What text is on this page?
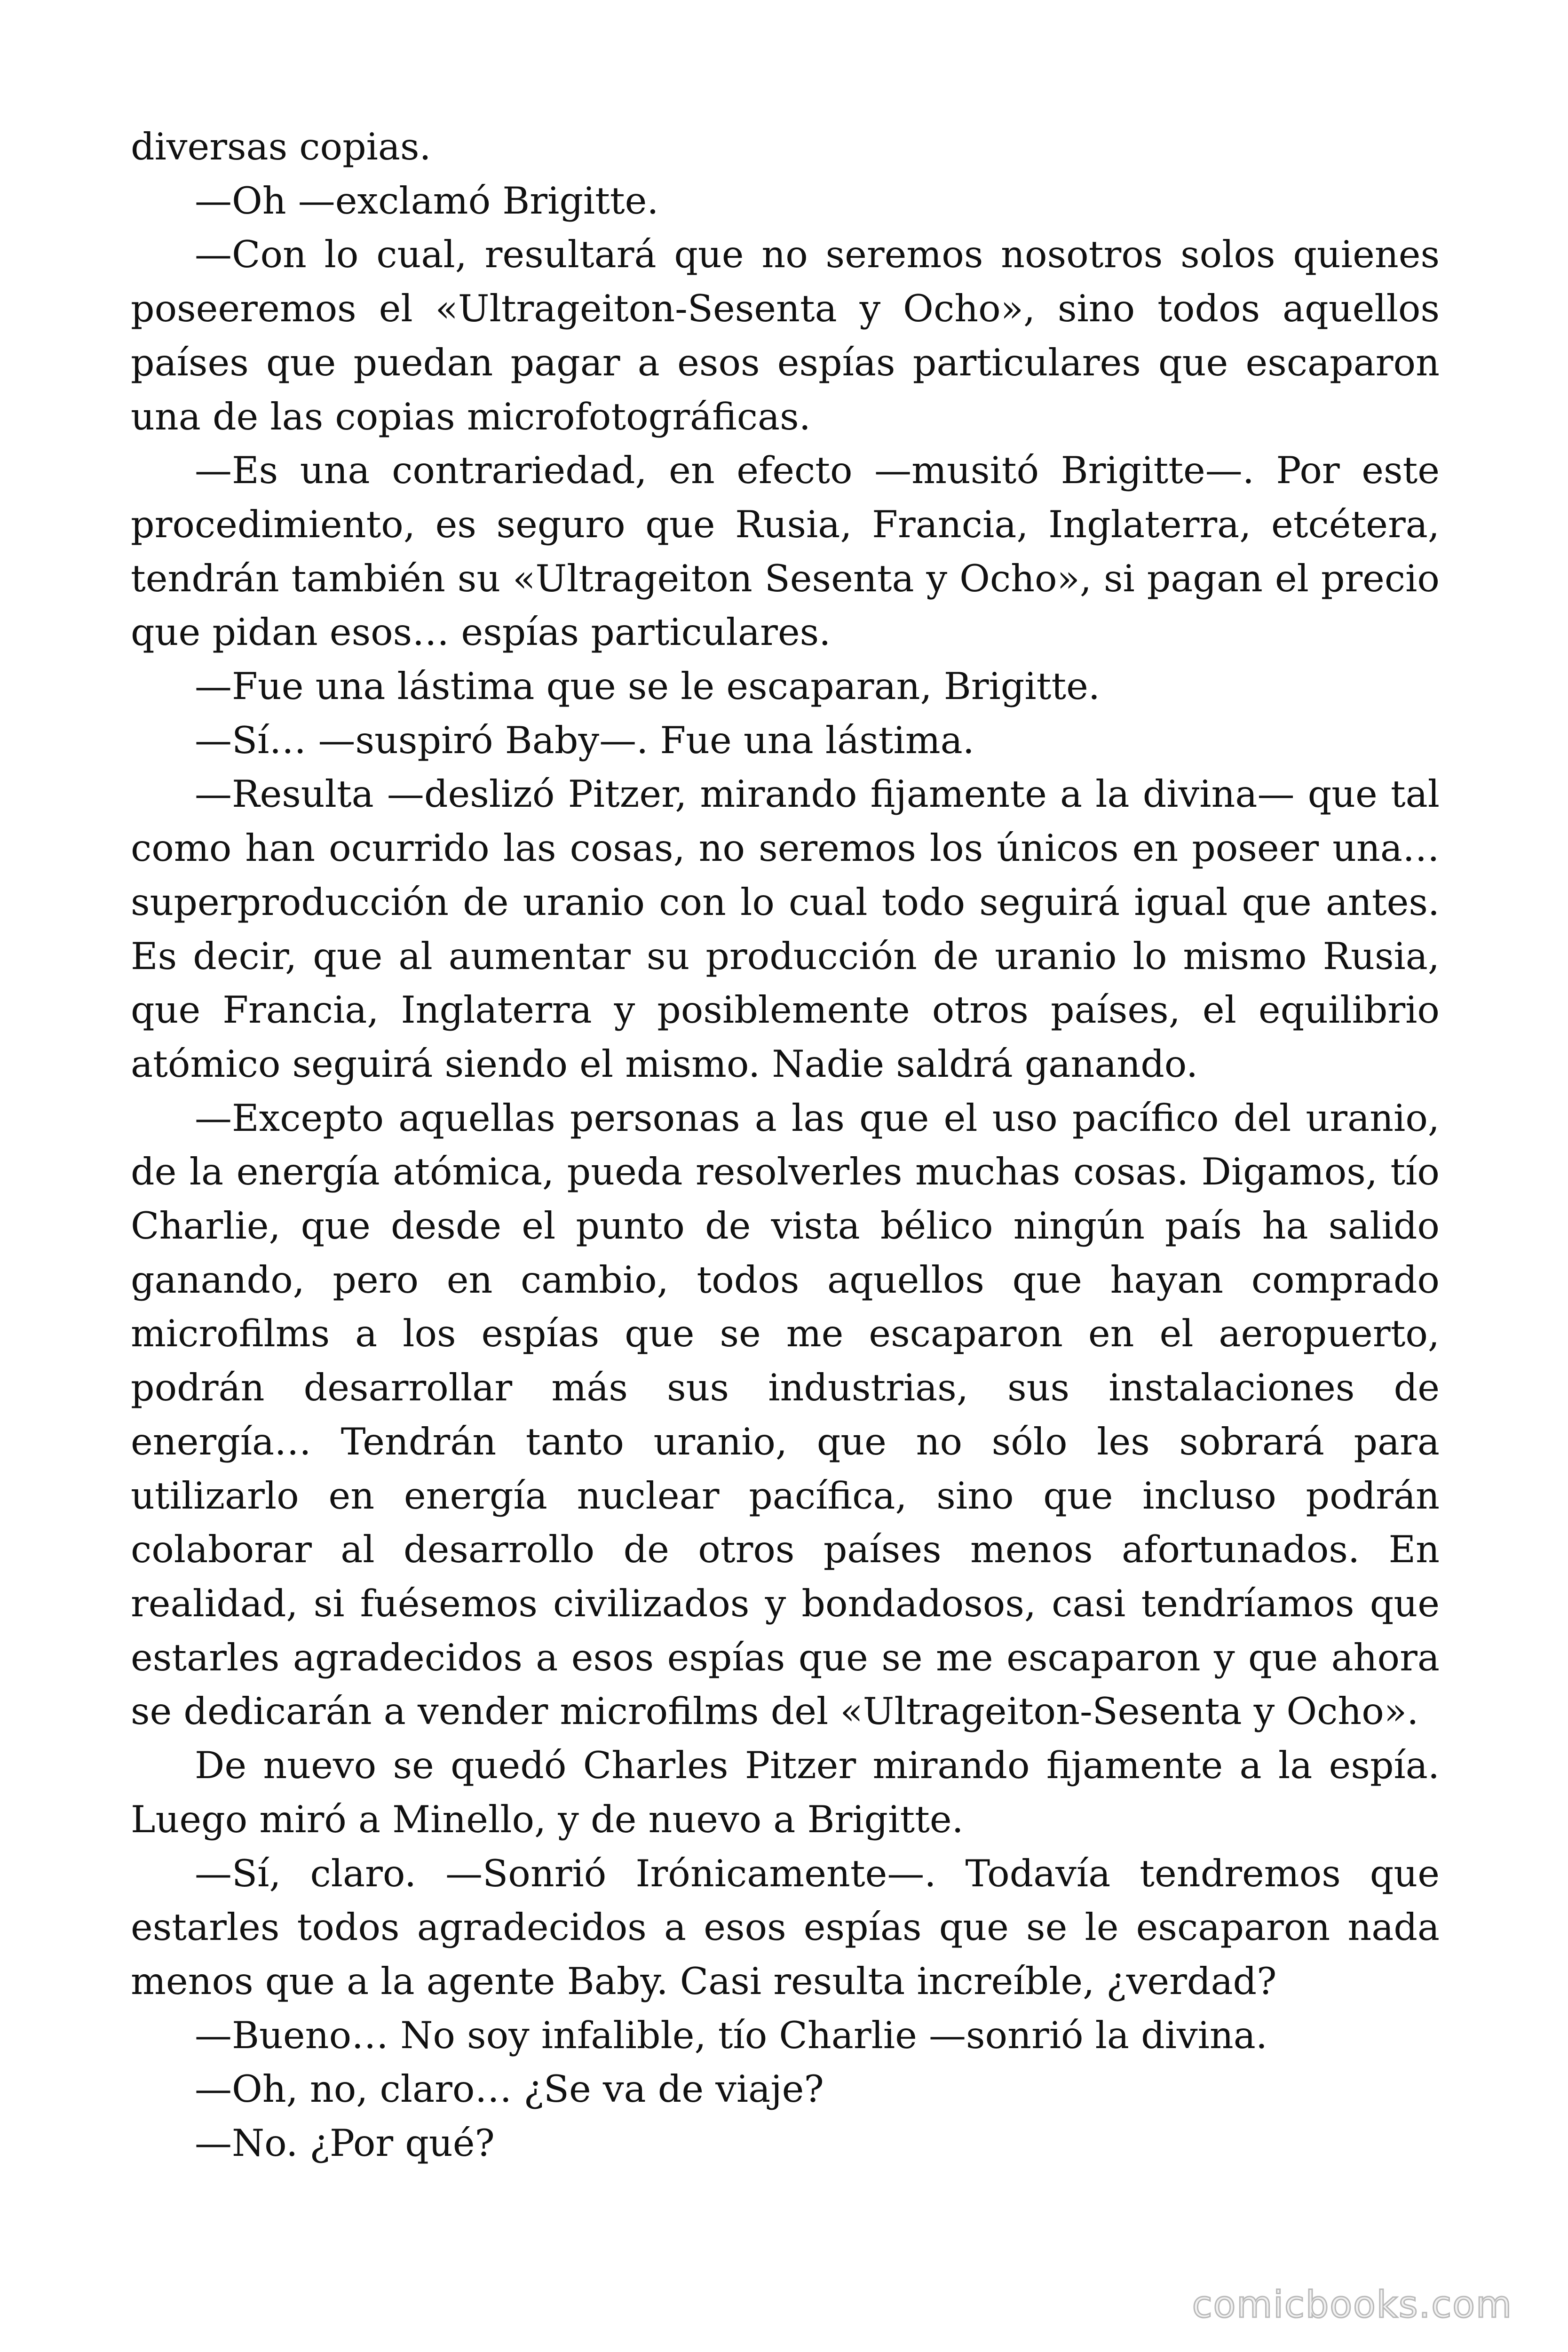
diversas copias.

—Oh —exclamó Brigitte.

—Con lo cual, resultará que no seremos nosotros solos quienes poseeremos el «Ultrageiton-Sesenta y Ocho», sino todos aquellos países que puedan pagar a esos espías particulares que escaparon una de las copias microfotográficas.

—Es una contrariedad, en efecto —musitó Brigitte—. Por este procedimiento, es seguro que Rusia, Francia, Inglaterra, etcétera, tendrán también su «Ultrageiton Sesenta y Ocho», si pagan el precio que pidan esos… espías particulares.

—Fue una lástima que se le escaparan, Brigitte.

—Sí… —suspiró Baby—. Fue una lástima.

—Resulta —deslizó Pitzer, mirando fijamente a la divina— que tal como han ocurrido las cosas, no seremos los únicos en poseer una… superproducción de uranio con lo cual todo seguirá igual que antes. Es decir, que al aumentar su producción de uranio lo mismo Rusia, que Francia, Inglaterra y posiblemente otros países, el equilibrio atómico seguirá siendo el mismo. Nadie saldrá ganando.

—Excepto aquellas personas a las que el uso pacífico del uranio, de la energía atómica, pueda resolverles muchas cosas. Digamos, tío Charlie, que desde el punto de vista bélico ningún país ha salido ganando, pero en cambio, todos aquellos que hayan comprado microfilms a los espías que se me escaparon en el aeropuerto, podrán desarrollar más sus industrias, sus instalaciones de energía… Tendrán tanto uranio, que no sólo les sobrará para utilizarlo en energía nuclear pacífica, sino que incluso podrán colaborar al desarrollo de otros países menos afortunados. En realidad, si fuésemos civilizados y bondadosos, casi tendríamos que estarles agradecidos a esos espías que se me escaparon y que ahora se dedicarán a vender microfilms del «Ultrageiton-Sesenta y Ocho».

De nuevo se quedó Charles Pitzer mirando fijamente a la espía. Luego miró a Minello, y de nuevo a Brigitte.

—Sí, claro. —Sonrió Irónicamente—. Todavía tendremos que estarles todos agradecidos a esos espías que se le escaparon nada menos que a la agente Baby. Casi resulta increíble, ¿verdad?

—Bueno… No soy infalible, tío Charlie —sonrió la divina.

—Oh, no, claro… ¿Se va de viaje?

—No. ¿Por qué?

comicbooks.com
